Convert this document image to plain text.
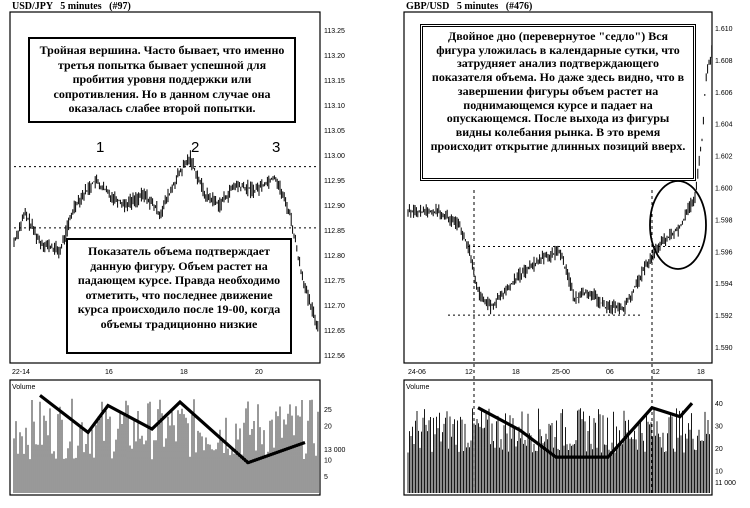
USD/JPY   5 minutes   (#97)
113.25
113.20
113.15
113.10
113.05
113.00
112.95
112.90
112.85
112.80
112.75
112.70
112.65
112.56
22-14	16	18	20
1	2	3
Volume
25
20
13 000
10
5
GBP/USD   5 minutes   (#476)
1.610
1.608
1.606
1.604
1.602
1.600
1.598
1.596
1.594
1.592
1.590
24-06	12	18	25-00	06	12	18
Volume
40
30
20
10
11 000
Тройная вершина. Часто бывает, что именно третья попытка бывает успешной для пробития уровня поддержки или сопротивления. Но в данном случае она оказалась слабее второй попытки.
Показатель объема подтверждает данную фигуру. Объем растет на падающем курсе. Правда необходимо отметить, что последнее движение курса происходило после 19-00, когда объемы традиционно низкие
Двойное дно (перевернутое "седло") Вся фигура уложилась в календарные сутки, что затрудняет анализ подтверждающего показателя объема. Но даже здесь видно, что в завершении фигуры объем растет на поднимающемся курсе и падает на опускающемся. После выхода из фигуры видны колебания рынка. В это время происходит открытие длинных позиций вверх.
